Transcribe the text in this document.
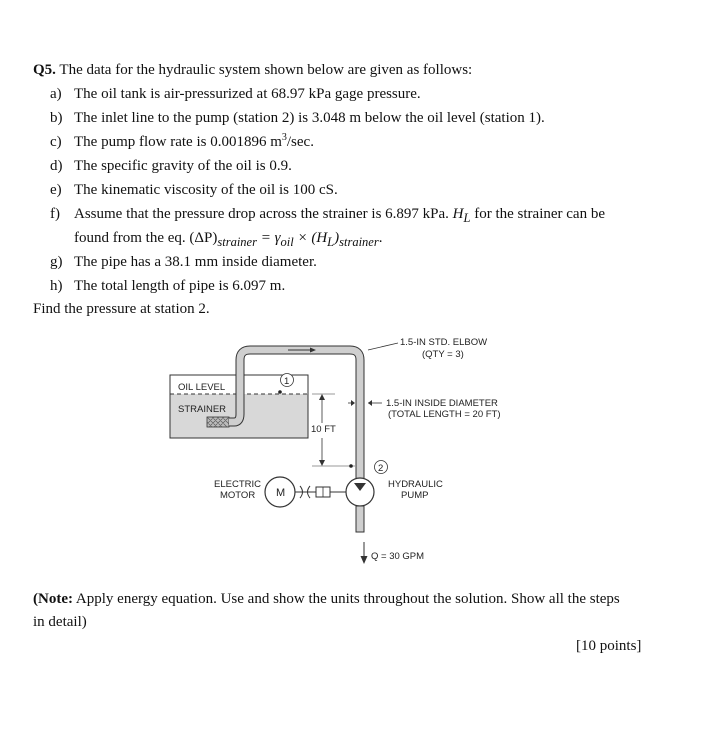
Q5. The data for the hydraulic system shown below are given as follows:
a) The oil tank is air-pressurized at 68.97 kPa gage pressure.
b) The inlet line to the pump (station 2) is 3.048 m below the oil level (station 1).
c) The pump flow rate is 0.001896 $m^3/\sec$.
d) The specific gravity of the oil is 0.9.
e) The kinematic viscosity of the oil is 100 cS.
f) Assume that the pressure drop across the strainer is 6.897 kPa. $H_L$ for the strainer can be
found from the eq. $(\Delta P)_{strainer} = \gamma_{oil} \times (H_L)_{strainer}$.
g) The pipe has a 38.1 mm inside diameter.
h) The total length of pipe is 6.097 m.
Find the pressure at station 2.
OIL LEVEL
STRAINER
1
1.5-IN STD. ELBOW
(QTY = 3)
1.5-IN INSIDE DIAMETER
(TOTAL LENGTH = 20 FT)
10 FT
2
HYDRAULIC
PUMP
M
ELECTRIC
MOTOR
Q = 30 GPM
(Note: Apply energy equation. Use and show the units throughout the solution. Show all the steps
in detail)
[10 points]
